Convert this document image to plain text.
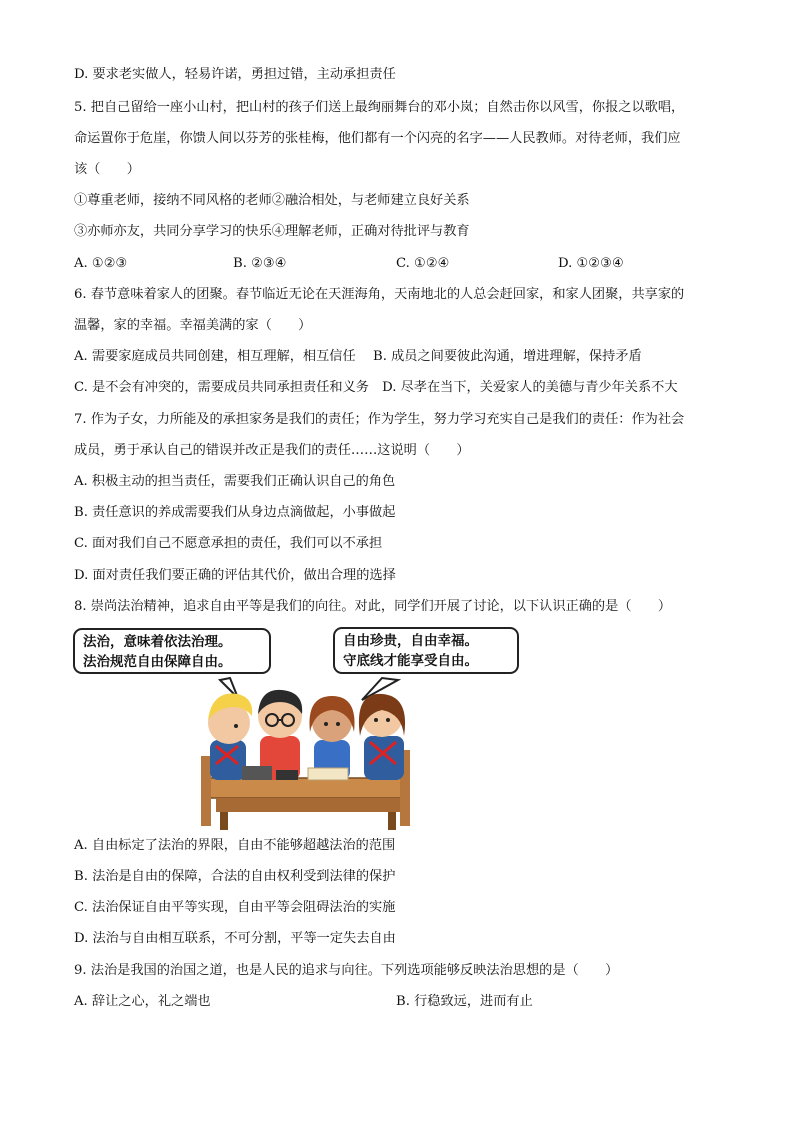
D. 要求老实做人，轻易许诺，勇担过错，主动承担责任
5. 把自己留给一座小山村，把山村的孩子们送上最绚丽舞台的邓小岚；自然击你以风雪，你报之以歌唱，
命运置你于危崖，你馈人间以芬芳的张桂梅，他们都有一个闪亮的名字——人民教师。对待老师，我们应
该（　　）
①尊重老师，接纳不同风格的老师②融洽相处，与老师建立良好关系
③亦师亦友，共同分享学习的快乐④理解老师，正确对待批评与教育
A. ①②③	B. ②③④	C. ①②④	D. ①②③④
6. 春节意味着家人的团聚。春节临近无论在天涯海角，天南地北的人总会赶回家，和家人团聚，共享家的
温馨，家的幸福。幸福美满的家（　　）
A. 需要家庭成员共同创建，相互理解，相互信任　 B. 成员之间要彼此沟通，增进理解，保持矛盾
C. 是不会有冲突的，需要成员共同承担责任和义务　D. 尽孝在当下，关爱家人的美德与青少年关系不大
7. 作为子女，力所能及的承担家务是我们的责任；作为学生，努力学习充实自己是我们的责任：作为社会
成员，勇于承认自己的错误并改正是我们的责任……这说明（　　）
A. 积极主动的担当责任，需要我们正确认识自己的角色
B. 责任意识的养成需要我们从身边点滴做起，小事做起
C. 面对我们自己不愿意承担的责任，我们可以不承担
D. 面对责任我们要正确的评估其代价，做出合理的选择
8. 崇尚法治精神，追求自由平等是我们的向往。对此，同学们开展了讨论，以下认识正确的是（　　）
法治，意味着依法治理。
法治规范自由保障自由。
自由珍贵，自由幸福。
守底线才能享受自由。
A. 自由标定了法治的界限，自由不能够超越法治的范围
B. 法治是自由的保障，合法的自由权利受到法律的保护
C. 法治保证自由平等实现，自由平等会阻碍法治的实施
D. 法治与自由相互联系，不可分割，平等一定失去自由
9. 法治是我国的治国之道，也是人民的追求与向往。下列选项能够反映法治思想的是（　　）
A. 辞让之心，礼之端也	B. 行稳致远，进而有止
